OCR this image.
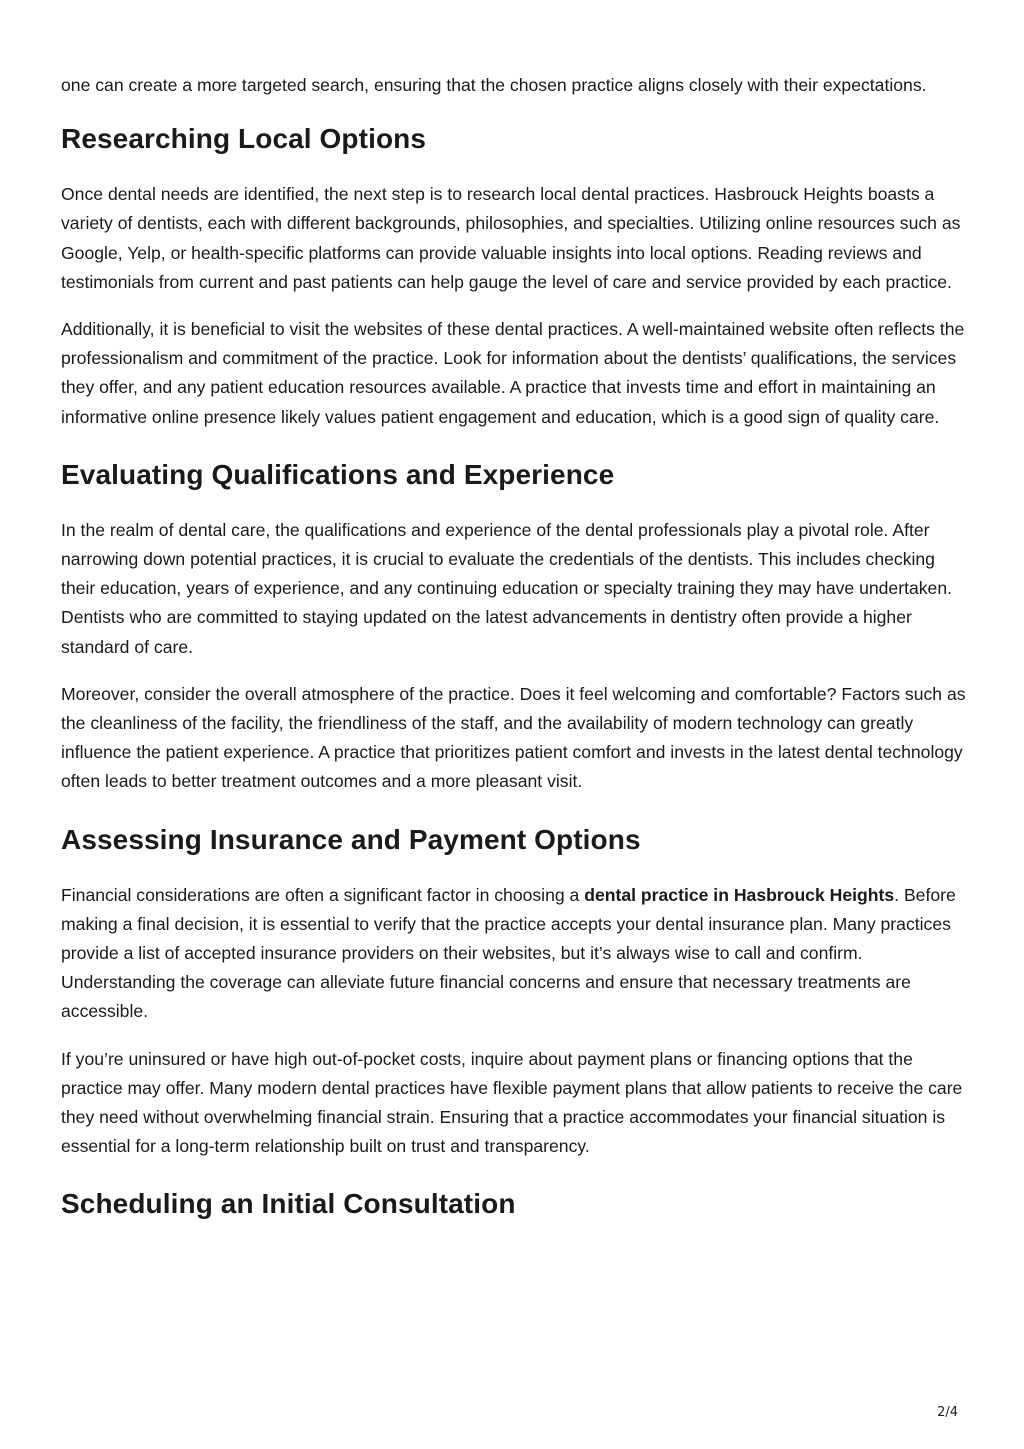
one can create a more targeted search, ensuring that the chosen practice aligns closely with their expectations.

Researching Local Options

Once dental needs are identified, the next step is to research local dental practices. Hasbrouck Heights boasts a variety of dentists, each with different backgrounds, philosophies, and specialties. Utilizing online resources such as Google, Yelp, or health-specific platforms can provide valuable insights into local options. Reading reviews and testimonials from current and past patients can help gauge the level of care and service provided by each practice.

Additionally, it is beneficial to visit the websites of these dental practices. A well-maintained website often reflects the professionalism and commitment of the practice. Look for information about the dentists’ qualifications, the services they offer, and any patient education resources available. A practice that invests time and effort in maintaining an informative online presence likely values patient engagement and education, which is a good sign of quality care.

Evaluating Qualifications and Experience

In the realm of dental care, the qualifications and experience of the dental professionals play a pivotal role. After narrowing down potential practices, it is crucial to evaluate the credentials of the dentists. This includes checking their education, years of experience, and any continuing education or specialty training they may have undertaken. Dentists who are committed to staying updated on the latest advancements in dentistry often provide a higher standard of care.

Moreover, consider the overall atmosphere of the practice. Does it feel welcoming and comfortable? Factors such as the cleanliness of the facility, the friendliness of the staff, and the availability of modern technology can greatly influence the patient experience. A practice that prioritizes patient comfort and invests in the latest dental technology often leads to better treatment outcomes and a more pleasant visit.

Assessing Insurance and Payment Options

Financial considerations are often a significant factor in choosing a dental practice in Hasbrouck Heights. Before making a final decision, it is essential to verify that the practice accepts your dental insurance plan. Many practices provide a list of accepted insurance providers on their websites, but it’s always wise to call and confirm. Understanding the coverage can alleviate future financial concerns and ensure that necessary treatments are accessible.

If you’re uninsured or have high out-of-pocket costs, inquire about payment plans or financing options that the practice may offer. Many modern dental practices have flexible payment plans that allow patients to receive the care they need without overwhelming financial strain. Ensuring that a practice accommodates your financial situation is essential for a long-term relationship built on trust and transparency.

Scheduling an Initial Consultation
2/4
